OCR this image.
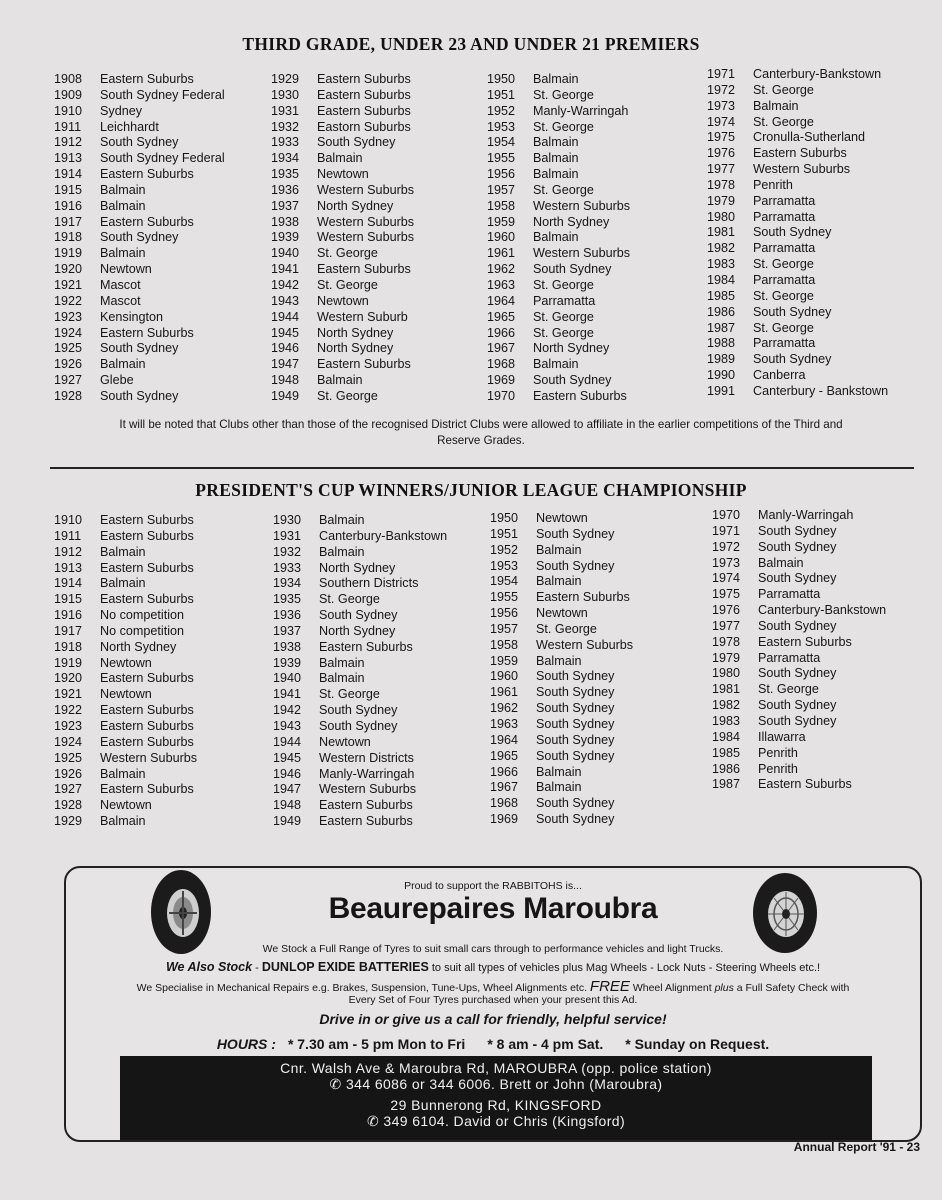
THIRD GRADE, UNDER 23 AND UNDER 21 PREMIERS
1908	Eastern Suburbs
1909	South Sydney Federal
1910	Sydney
1911	Leichhardt
1912	South Sydney
1913	South Sydney Federal
1914	Eastern Suburbs
1915	Balmain
1916	Balmain
1917	Eastern Suburbs
1918	South Sydney
1919	Balmain
1920	Newtown
1921	Mascot
1922	Mascot
1923	Kensington
1924	Eastern Suburbs
1925	South Sydney
1926	Balmain
1927	Glebe
1928	South Sydney
1929	Eastern Suburbs
1930	Eastern Suburbs
1931	Eastern Suburbs
1932	Eastorn Suburbs
1933	South Sydney
1934	Balmain
1935	Newtown
1936	Western Suburbs
1937	North Sydney
1938	Western Suburbs
1939	Western Suburbs
1940	St. George
1941	Eastern Suburbs
1942	St. George
1943	Newtown
1944	Western Suburb
1945	North Sydney
1946	North Sydney
1947	Eastern Suburbs
1948	Balmain
1949	St. George
1950	Balmain
1951	St. George
1952	Manly-Warringah
1953	St. George
1954	Balmain
1955	Balmain
1956	Balmain
1957	St. George
1958	Western Suburbs
1959	North Sydney
1960	Balmain
1961	Western Suburbs
1962	South Sydney
1963	St. George
1964	Parramatta
1965	St. George
1966	St. George
1967	North Sydney
1968	Balmain
1969	South Sydney
1970	Eastern Suburbs
1971	Canterbury-Bankstown
1972	St. George
1973	Balmain
1974	St. George
1975	Cronulla-Sutherland
1976	Eastern Suburbs
1977	Western Suburbs
1978	Penrith
1979	Parramatta
1980	Parramatta
1981	South Sydney
1982	Parramatta
1983	St. George
1984	Parramatta
1985	St. George
1986	South Sydney
1987	St. George
1988	Parramatta
1989	South Sydney
1990	Canberra
1991	Canterbury - Bankstown
It will be noted that Clubs other than those of the recognised District Clubs were allowed to affiliate in the earlier competitions of the Third and
Reserve Grades.
PRESIDENT'S CUP WINNERS/JUNIOR LEAGUE CHAMPIONSHIP
1910	Eastern Suburbs
1911	Eastern Suburbs
1912	Balmain
1913	Eastern Suburbs
1914	Balmain
1915	Eastern Suburbs
1916	No competition
1917	No competition
1918	North Sydney
1919	Newtown
1920	Eastern Suburbs
1921	Newtown
1922	Eastern Suburbs
1923	Eastern Suburbs
1924	Eastern Suburbs
1925	Western Suburbs
1926	Balmain
1927	Eastern Suburbs
1928	Newtown
1929	Balmain
1930	Balmain
1931	Canterbury-Bankstown
1932	Balmain
1933	North Sydney
1934	Southern Districts
1935	St. George
1936	South Sydney
1937	North Sydney
1938	Eastern Suburbs
1939	Balmain
1940	Balmain
1941	St. George
1942	South Sydney
1943	South Sydney
1944	Newtown
1945	Western Districts
1946	Manly-Warringah
1947	Western Suburbs
1948	Eastern Suburbs
1949	Eastern Suburbs
1950	Newtown
1951	South Sydney
1952	Balmain
1953	South Sydney
1954	Balmain
1955	Eastern Suburbs
1956	Newtown
1957	St. George
1958	Western Suburbs
1959	Balmain
1960	South Sydney
1961	South Sydney
1962	South Sydney
1963	South Sydney
1964	South Sydney
1965	South Sydney
1966	Balmain
1967	Balmain
1968	South Sydney
1969	South Sydney
1970	Manly-Warringah
1971	South Sydney
1972	South Sydney
1973	Balmain
1974	South Sydney
1975	Parramatta
1976	Canterbury-Bankstown
1977	South Sydney
1978	Eastern Suburbs
1979	Parramatta
1980	South Sydney
1981	St. George
1982	South Sydney
1983	South Sydney
1984	Illawarra
1985	Penrith
1986	Penrith
1987	Eastern Suburbs
Proud to support the RABBITOHS is...
Beaurepaires Maroubra
We Stock a Full Range of Tyres to suit small cars through to performance vehicles and light Trucks.
We Also Stock - DUNLOP EXIDE BATTERIES to suit all types of vehicles plus Mag Wheels - Lock Nuts - Steering Wheels etc.!
We Specialise in Mechanical Repairs e.g. Brakes, Suspension, Tune-Ups, Wheel Alignments etc. FREE Wheel Alignment plus a Full Safety Check with
Every Set of Four Tyres purchased when your present this Ad.
Drive in or give us a call for friendly, helpful service!
HOURS : * 7.30 am - 5 pm Mon to Fri * 8 am - 4 pm Sat. * Sunday on Request.
Cnr. Walsh Ave & Maroubra Rd, MAROUBRA (opp. police station)
✆ 344 6086 or 344 6006. Brett or John (Maroubra)
29 Bunnerong Rd, KINGSFORD
✆ 349 6104. David or Chris (Kingsford)
Annual Report '91 - 23
